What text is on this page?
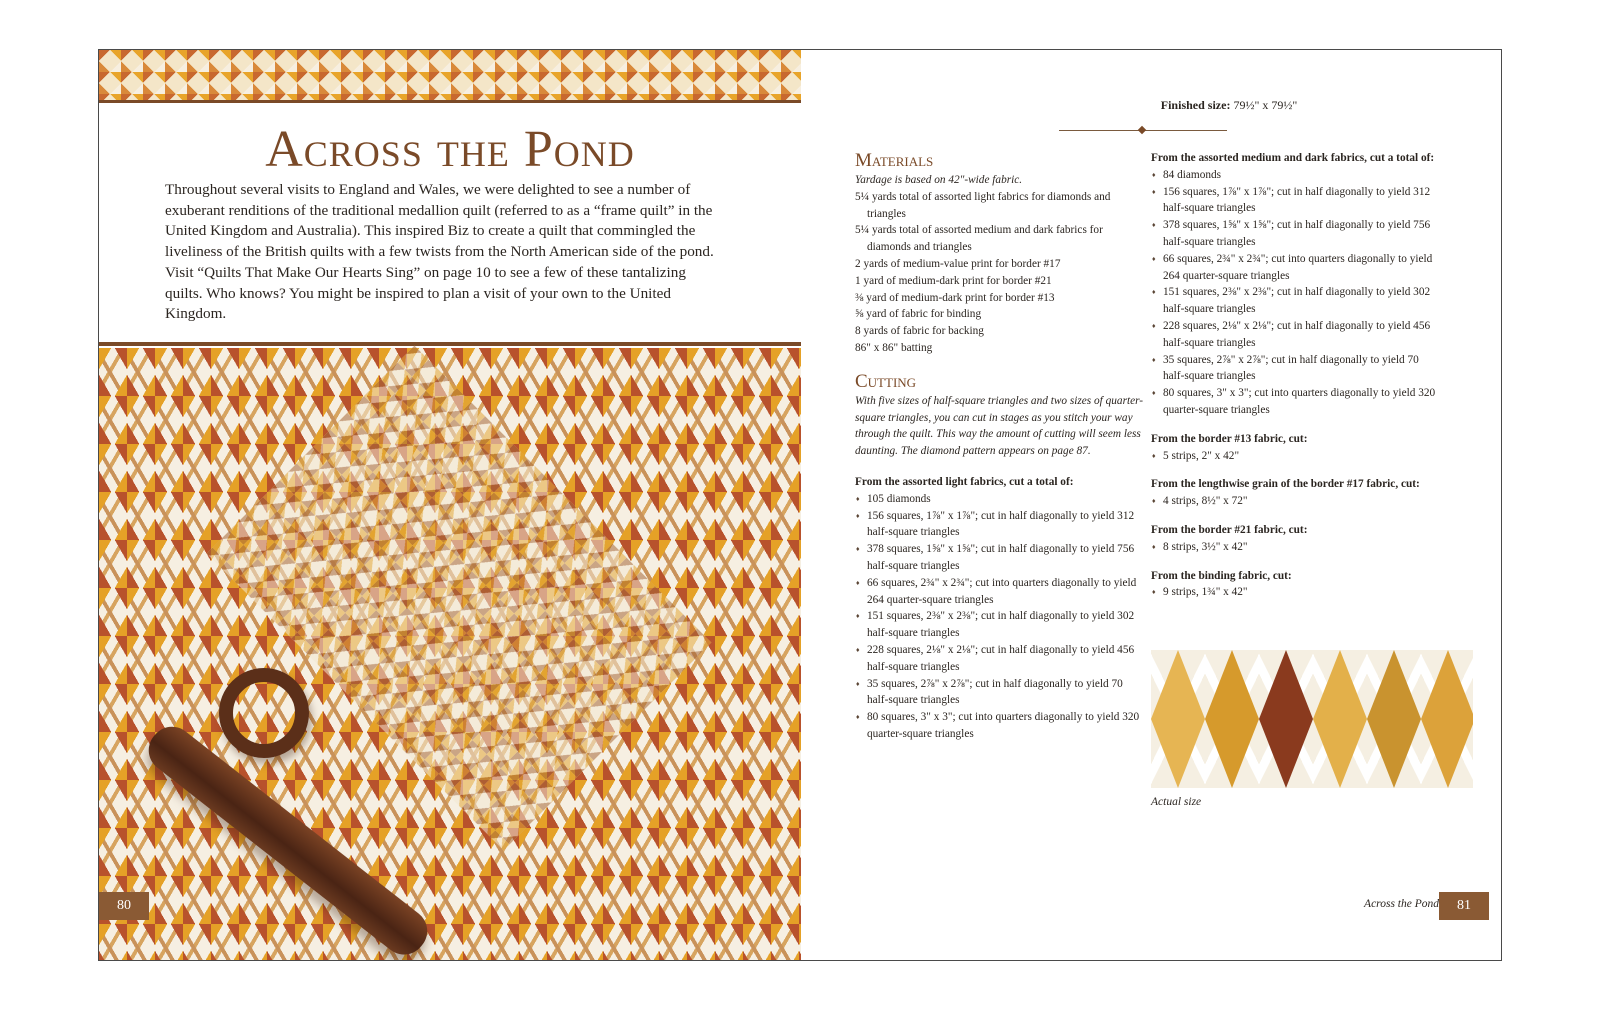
Across the Pond

Throughout several visits to England and Wales, we were delighted to see a number of exuberant renditions of the traditional medallion quilt (referred to as a “frame quilt” in the United Kingdom and Australia). This inspired Biz to create a quilt that commingled the liveliness of the British quilts with a few twists from the North American side of the pond. Visit “Quilts That Make Our Hearts Sing” on page 10 to see a few of these tantalizing quilts. Who knows? You might be inspired to plan a visit of your own to the United Kingdom.

80
Finished size: 79½" x 79½"
Materials
Yardage is based on 42"-wide fabric.
5¼ yards total of assorted light fabrics for diamonds and triangles
5¼ yards total of assorted medium and dark fabrics for diamonds and triangles
2 yards of medium-value print for border #17
1 yard of medium-dark print for border #21
⅜ yard of medium-dark print for border #13
⅝ yard of fabric for binding
8 yards of fabric for backing
86" x 86" batting
Cutting
With five sizes of half-square triangles and two sizes of quarter-square triangles, you can cut in stages as you stitch your way through the quilt. This way the amount of cutting will seem less daunting. The diamond pattern appears on page 87.
From the assorted light fabrics, cut a total of:
♦ 105 diamonds
♦ 156 squares, 1⅞" x 1⅞"; cut in half diagonally to yield 312 half-square triangles
♦ 378 squares, 1⅝" x 1⅝"; cut in half diagonally to yield 756 half-square triangles
♦ 66 squares, 2¾" x 2¾"; cut into quarters diagonally to yield 264 quarter-square triangles
♦ 151 squares, 2⅜" x 2⅜"; cut in half diagonally to yield 302 half-square triangles
♦ 228 squares, 2⅛" x 2⅛"; cut in half diagonally to yield 456 half-square triangles
♦ 35 squares, 2⅞" x 2⅞"; cut in half diagonally to yield 70 half-square triangles
♦ 80 squares, 3" x 3"; cut into quarters diagonally to yield 320 quarter-square triangles
From the assorted medium and dark fabrics, cut a total of:
♦ 84 diamonds
♦ 156 squares, 1⅞" x 1⅞"; cut in half diagonally to yield 312 half-square triangles
♦ 378 squares, 1⅝" x 1⅝"; cut in half diagonally to yield 756 half-square triangles
♦ 66 squares, 2¾" x 2¾"; cut into quarters diagonally to yield 264 quarter-square triangles
♦ 151 squares, 2⅜" x 2⅜"; cut in half diagonally to yield 302 half-square triangles
♦ 228 squares, 2⅛" x 2⅛"; cut in half diagonally to yield 456 half-square triangles
♦ 35 squares, 2⅞" x 2⅞"; cut in half diagonally to yield 70 half-square triangles
♦ 80 squares, 3" x 3"; cut into quarters diagonally to yield 320 quarter-square triangles
From the border #13 fabric, cut:
♦ 5 strips, 2" x 42"
From the lengthwise grain of the border #17 fabric, cut:
♦ 4 strips, 8½" x 72"
From the border #21 fabric, cut:
♦ 8 strips, 3½" x 42"
From the binding fabric, cut:
♦ 9 strips, 1¾" x 42"
Actual size
Across the Pond	81
